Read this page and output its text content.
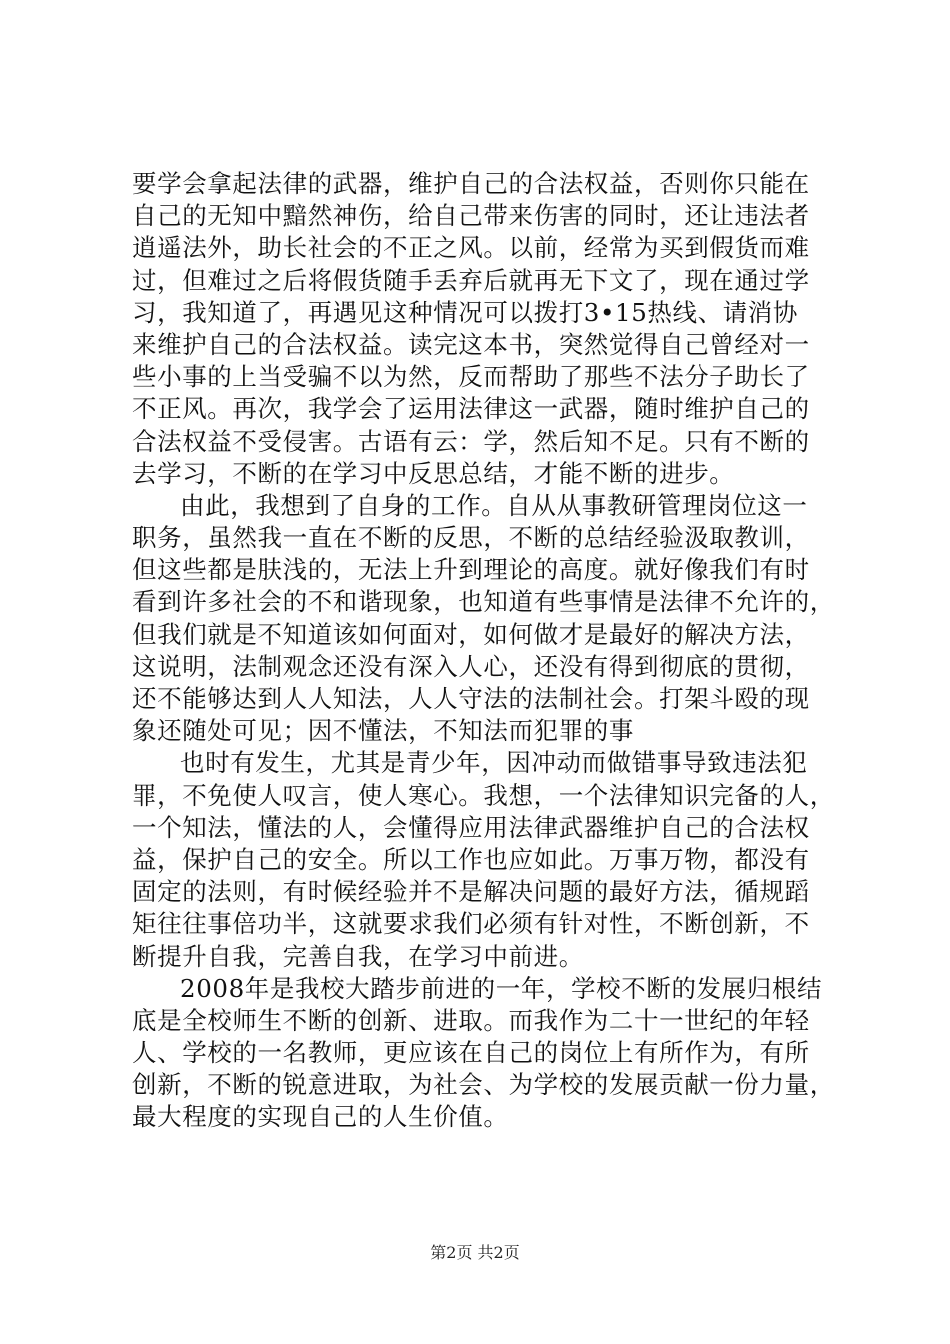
要学会拿起法律的武器，维护自己的合法权益，否则你只能在
自己的无知中黯然神伤，给自己带来伤害的同时，还让违法者
逍遥法外，助长社会的不正之风。以前，经常为买到假货而难
过，但难过之后将假货随手丢弃后就再无下文了，现在通过学
习，我知道了，再遇见这种情况可以拨打3•15热线、请消协
来维护自己的合法权益。读完这本书，突然觉得自己曾经对一
些小事的上当受骗不以为然，反而帮助了那些不法分子助长了
不正风。再次，我学会了运用法律这一武器，随时维护自己的
合法权益不受侵害。古语有云：学，然后知不足。只有不断的
去学习，不断的在学习中反思总结，才能不断的进步。
由此，我想到了自身的工作。自从从事教研管理岗位这一
职务，虽然我一直在不断的反思，不断的总结经验汲取教训，
但这些都是肤浅的，无法上升到理论的高度。就好像我们有时
看到许多社会的不和谐现象，也知道有些事情是法律不允许的，
但我们就是不知道该如何面对，如何做才是最好的解决方法，
这说明，法制观念还没有深入人心，还没有得到彻底的贯彻，
还不能够达到人人知法，人人守法的法制社会。打架斗殴的现
象还随处可见；因不懂法，不知法而犯罪的事
也时有发生，尤其是青少年，因冲动而做错事导致违法犯
罪，不免使人叹言，使人寒心。我想，一个法律知识完备的人，
一个知法，懂法的人，会懂得应用法律武器维护自己的合法权
益，保护自己的安全。所以工作也应如此。万事万物，都没有
固定的法则，有时候经验并不是解决问题的最好方法，循规蹈
矩往往事倍功半，这就要求我们必须有针对性，不断创新，不
断提升自我，完善自我，在学习中前进。
2008年是我校大踏步前进的一年，学校不断的发展归根结
底是全校师生不断的创新、进取。而我作为二十一世纪的年轻
人、学校的一名教师，更应该在自己的岗位上有所作为，有所
创新，不断的锐意进取，为社会、为学校的发展贡献一份力量，
最大程度的实现自己的人生价值。
第2页 共2页
